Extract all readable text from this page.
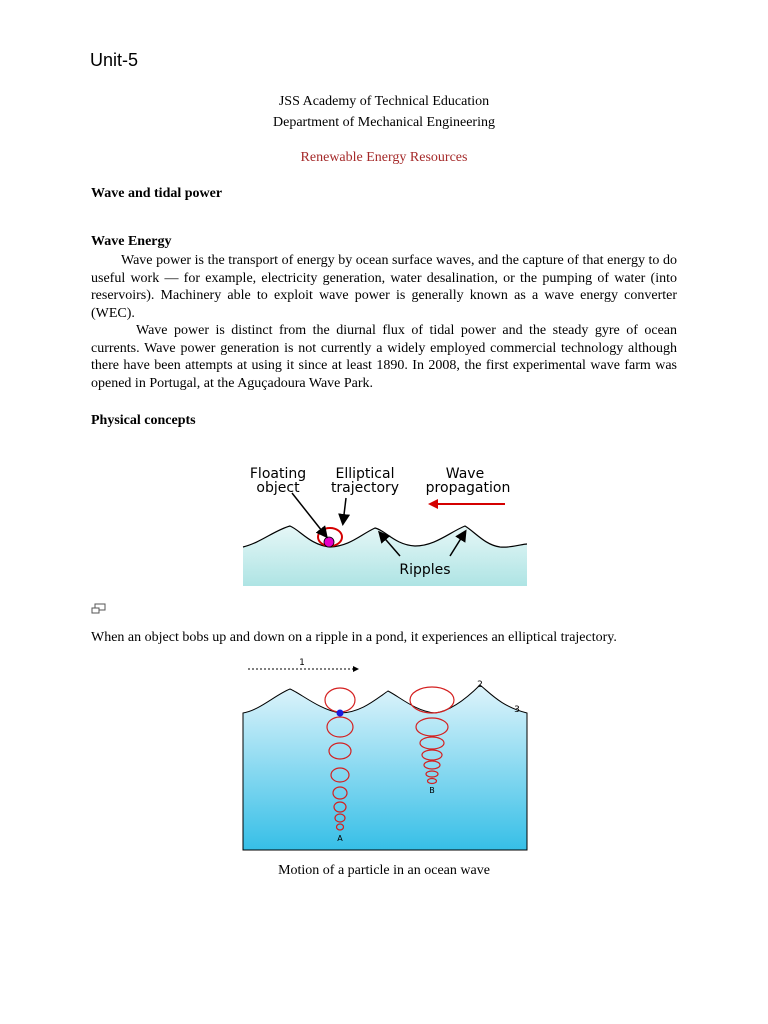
Unit-5
JSS Academy of Technical Education
Department of Mechanical Engineering
Renewable Energy Resources
Wave and tidal power
Wave Energy

Wave power is the transport of energy by ocean surface waves, and the capture of that energy to do useful work — for example, electricity generation, water desalination, or the pumping of water (into reservoirs). Machinery able to exploit wave power is generally known as a wave energy converter (WEC).

Wave power is distinct from the diurnal flux of tidal power and the steady gyre of ocean currents. Wave power generation is not currently a widely employed commercial technology although there have been attempts at using it since at least 1890. In 2008, the first experimental wave farm was opened in Portugal, at the Aguçadoura Wave Park.

Physical concepts
Floating
object
Elliptical
trajectory
Wave
propagation
Ripples
When an object bobs up and down on a ripple in a pond, it experiences an elliptical trajectory.
1
2
3
A
B
Motion of a particle in an ocean wave
